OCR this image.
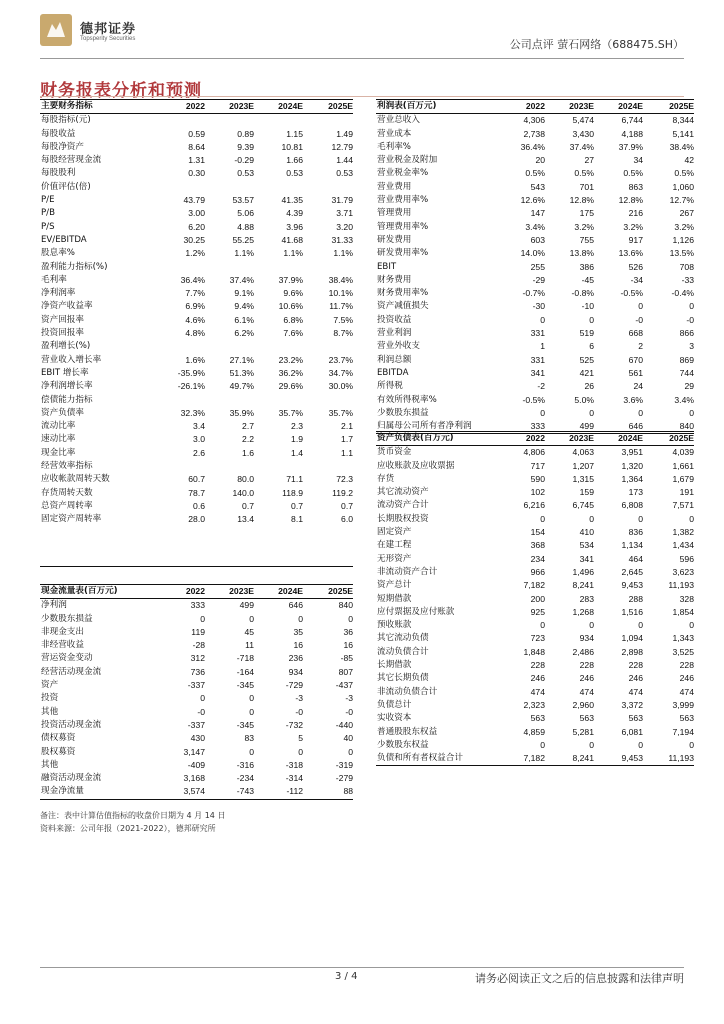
德邦证券
Topsperity Securities	公司点评 萤石网络（688475.SH）
财务报表分析和预测
主要财务指标	2022	2023E	2024E	2025E
每股指标(元)				
每股收益	0.59	0.89	1.15	1.49
每股净资产	8.64	9.39	10.81	12.79
每股经营现金流	1.31	-0.29	1.66	1.44
每股股利	0.30	0.53	0.53	0.53
价值评估(倍)				
P/E	43.79	53.57	41.35	31.79
P/B	3.00	5.06	4.39	3.71
P/S	6.20	4.88	3.96	3.20
EV/EBITDA	30.25	55.25	41.68	31.33
股息率%	1.2%	1.1%	1.1%	1.1%
盈利能力指标(%)				
毛利率	36.4%	37.4%	37.9%	38.4%
净利润率	7.7%	9.1%	9.6%	10.1%
净资产收益率	6.9%	9.4%	10.6%	11.7%
资产回报率	4.6%	6.1%	6.8%	7.5%
投资回报率	4.8%	6.2%	7.6%	8.7%
盈利增长(%)				
营业收入增长率	1.6%	27.1%	23.2%	23.7%
EBIT 增长率	-35.9%	51.3%	36.2%	34.7%
净利润增长率	-26.1%	49.7%	29.6%	30.0%
偿债能力指标				
资产负债率	32.3%	35.9%	35.7%	35.7%
流动比率	3.4	2.7	2.3	2.1
速动比率	3.0	2.2	1.9	1.7
现金比率	2.6	1.6	1.4	1.1
经营效率指标				
应收帐款周转天数	60.7	80.0	71.1	72.3
存货周转天数	78.7	140.0	118.9	119.2
总资产周转率	0.6	0.7	0.7	0.7
固定资产周转率	28.0	13.4	8.1	6.0

利润表(百万元)	2022	2023E	2024E	2025E
营业总收入	4,306	5,474	6,744	8,344
营业成本	2,738	3,430	4,188	5,141
毛利率%	36.4%	37.4%	37.9%	38.4%
营业税金及附加	20	27	34	42
营业税金率%	0.5%	0.5%	0.5%	0.5%
营业费用	543	701	863	1,060
营业费用率%	12.6%	12.8%	12.8%	12.7%
管理费用	147	175	216	267
管理费用率%	3.4%	3.2%	3.2%	3.2%
研发费用	603	755	917	1,126
研发费用率%	14.0%	13.8%	13.6%	13.5%
EBIT	255	386	526	708
财务费用	-29	-45	-34	-33
财务费用率%	-0.7%	-0.8%	-0.5%	-0.4%
资产减值损失	-30	-10	0	0
投资收益	0	0	-0	-0
营业利润	331	519	668	866
营业外收支	1	6	2	3
利润总额	331	525	670	869
EBITDA	341	421	561	744
所得税	-2	26	24	29
有效所得税率%	-0.5%	5.0%	3.6%	3.4%
少数股东损益	0	0	0	0
归属母公司所有者净利润	333	499	646	840
资产负债表(百万元)	2022	2023E	2024E	2025E
货币资金	4,806	4,063	3,951	4,039
应收账款及应收票据	717	1,207	1,320	1,661
存货	590	1,315	1,364	1,679
其它流动资产	102	159	173	191
流动资产合计	6,216	6,745	6,808	7,571
长期股权投资	0	0	0	0
固定资产	154	410	836	1,382
在建工程	368	534	1,134	1,434
无形资产	234	341	464	596
非流动资产合计	966	1,496	2,645	3,623
资产总计	7,182	8,241	9,453	11,193
短期借款	200	283	288	328
应付票据及应付账款	925	1,268	1,516	1,854
预收账款	0	0	0	0
其它流动负债	723	934	1,094	1,343
流动负债合计	1,848	2,486	2,898	3,525
长期借款	228	228	228	228
其它长期负债	246	246	246	246
非流动负债合计	474	474	474	474
负债总计	2,323	2,960	3,372	3,999
实收资本	563	563	563	563
普通股股东权益	4,859	5,281	6,081	7,194
少数股东权益	0	0	0	0
负债和所有者权益合计	7,182	8,241	9,453	11,193
现金流量表(百万元)	2022	2023E	2024E	2025E
净利润	333	499	646	840
少数股东损益	0	0	0	0
非现金支出	119	45	35	36
非经营收益	-28	11	16	16
营运资金变动	312	-718	236	-85
经营活动现金流	736	-164	934	807
资产	-337	-345	-729	-437
投资	0	0	-3	-3
其他	-0	0	-0	-0
投资活动现金流	-337	-345	-732	-440
债权募资	430	83	5	40
股权募资	3,147	0	0	0
其他	-409	-316	-318	-319
融资活动现金流	3,168	-234	-314	-279
现金净流量	3,574	-743	-112	88
备注：表中计算估值指标的收盘价日期为 4 月 14 日
资料来源：公司年报（2021-2022），德邦研究所
3 / 4	请务必阅读正文之后的信息披露和法律声明
